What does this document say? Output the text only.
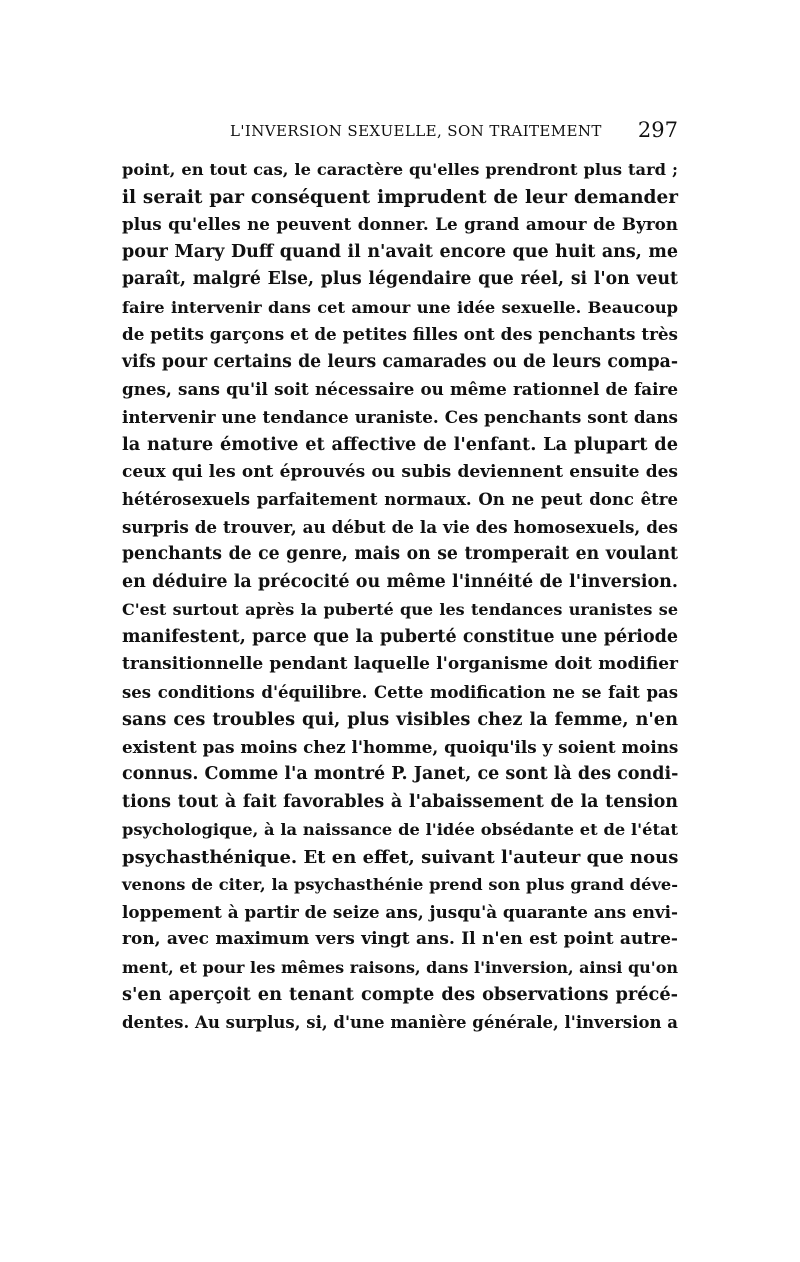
L'INVERSION SEXUELLE, SON TRAITEMENT 297
point, en tout cas, le caractère qu'elles prendront plus tard ;
il serait par conséquent imprudent de leur demander
plus qu'elles ne peuvent donner. Le grand amour de Byron
pour Mary Duff quand il n'avait encore que huit ans, me
paraît, malgré Else, plus légendaire que réel, si l'on veut
faire intervenir dans cet amour une idée sexuelle. Beaucoup
de petits garçons et de petites filles ont des penchants très
vifs pour certains de leurs camarades ou de leurs compa-
gnes, sans qu'il soit nécessaire ou même rationnel de faire
intervenir une tendance uraniste. Ces penchants sont dans
la nature émotive et affective de l'enfant. La plupart de
ceux qui les ont éprouvés ou subis deviennent ensuite des
hétérosexuels parfaitement normaux. On ne peut donc être
surpris de trouver, au début de la vie des homosexuels, des
penchants de ce genre, mais on se tromperait en voulant
en déduire la précocité ou même l'innéité de l'inversion.
C'est surtout après la puberté que les tendances uranistes se
manifestent, parce que la puberté constitue une période
transitionnelle pendant laquelle l'organisme doit modifier
ses conditions d'équilibre. Cette modification ne se fait pas
sans ces troubles qui, plus visibles chez la femme, n'en
existent pas moins chez l'homme, quoiqu'ils y soient moins
connus. Comme l'a montré P. Janet, ce sont là des condi-
tions tout à fait favorables à l'abaissement de la tension
psychologique, à la naissance de l'idée obsédante et de l'état
psychasthénique. Et en effet, suivant l'auteur que nous
venons de citer, la psychasthénie prend son plus grand déve-
loppement à partir de seize ans, jusqu'à quarante ans envi-
ron, avec maximum vers vingt ans. Il n'en est point autre-
ment, et pour les mêmes raisons, dans l'inversion, ainsi qu'on
s'en aperçoit en tenant compte des observations précé-
dentes. Au surplus, si, d'une manière générale, l'inversion a
